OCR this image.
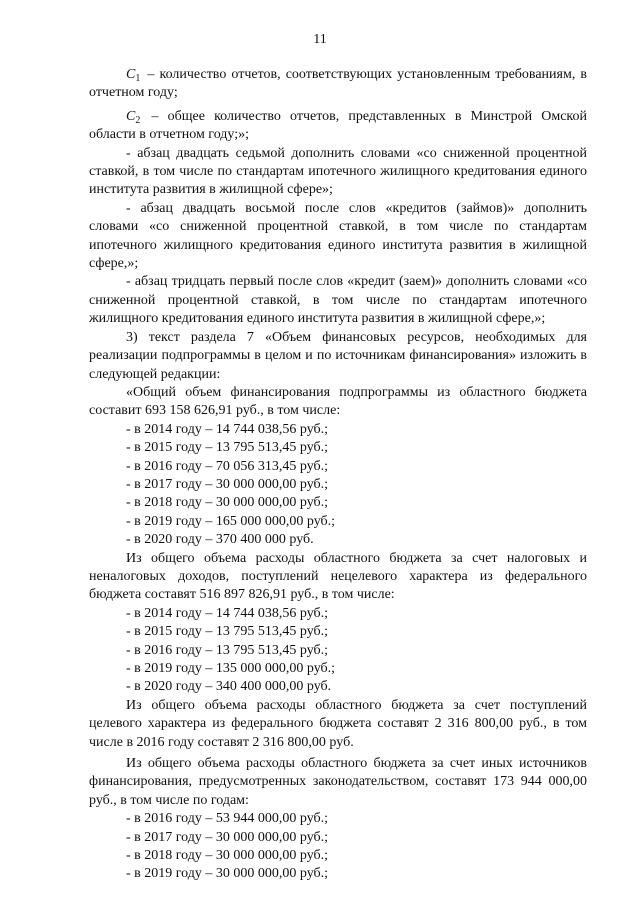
11

$C_1$ – количество отчетов, соответствующих установленным требованиям, в отчетном году;

$C_2$ – общее количество отчетов, представленных в Минстрой Омской области в отчетном году;»;

- абзац двадцать седьмой дополнить словами «со сниженной процентной ставкой, в том числе по стандартам ипотечного жилищного кредитования единого института развития в жилищной сфере»;

- абзац двадцать восьмой после слов «кредитов (займов)» дополнить словами «со сниженной процентной ставкой, в том числе по стандартам ипотечного жилищного кредитования единого института развития в жилищной сфере,»;

- абзац тридцать первый после слов «кредит (заем)» дополнить словами «со сниженной процентной ставкой, в том числе по стандартам ипотечного жилищного кредитования единого института развития в жилищной сфере,»;

3) текст раздела 7 «Объем финансовых ресурсов, необходимых для реализации подпрограммы в целом и по источникам финансирования» изложить в следующей редакции:

«Общий объем финансирования подпрограммы из областного бюджета составит 693 158 626,91 руб., в том числе:

- в 2014 году – 14 744 038,56 руб.;

- в 2015 году – 13 795 513,45 руб.;

- в 2016 году – 70 056 313,45 руб.;

- в 2017 году – 30 000 000,00 руб.;

- в 2018 году – 30 000 000,00 руб.;

- в 2019 году – 165 000 000,00 руб.;

- в 2020 году – 370 400 000 руб.

Из общего объема расходы областного бюджета за счет налоговых и неналоговых доходов, поступлений нецелевого характера из федерального бюджета составят 516 897 826,91 руб., в том числе:

- в 2014 году – 14 744 038,56 руб.;

- в 2015 году – 13 795 513,45 руб.;

- в 2016 году – 13 795 513,45 руб.;

- в 2019 году – 135 000 000,00 руб.;

- в 2020 году – 340 400 000,00 руб.

Из общего объема расходы областного бюджета за счет поступлений целевого характера из федерального бюджета составят 2 316 800,00 руб., в том числе в 2016 году составят 2 316 800,00 руб.

Из общего объема расходы областного бюджета за счет иных источников финансирования, предусмотренных законодательством, составят 173 944 000,00 руб., в том числе по годам:

- в 2016 году – 53 944 000,00 руб.;

- в 2017 году – 30 000 000,00 руб.;

- в 2018 году – 30 000 000,00 руб.;

- в 2019 году – 30 000 000,00 руб.;
